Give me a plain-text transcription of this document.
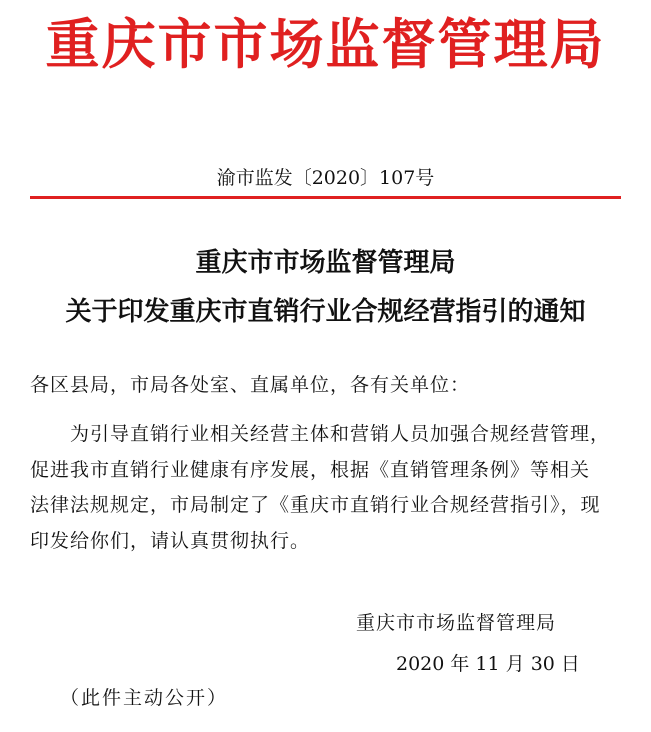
重庆市市场监督管理局
渝市监发〔2020〕107号
重庆市市场监督管理局
关于印发重庆市直销行业合规经营指引的通知
各区县局，市局各处室、直属单位，各有关单位：
为引导直销行业相关经营主体和营销人员加强合规经营管理，
促进我市直销行业健康有序发展，根据《直销管理条例》等相关
法律法规规定，市局制定了《重庆市直销行业合规经营指引》，现
印发给你们，请认真贯彻执行。
重庆市市场监督管理局
2020 年 11 月 30 日
（此件主动公开）
